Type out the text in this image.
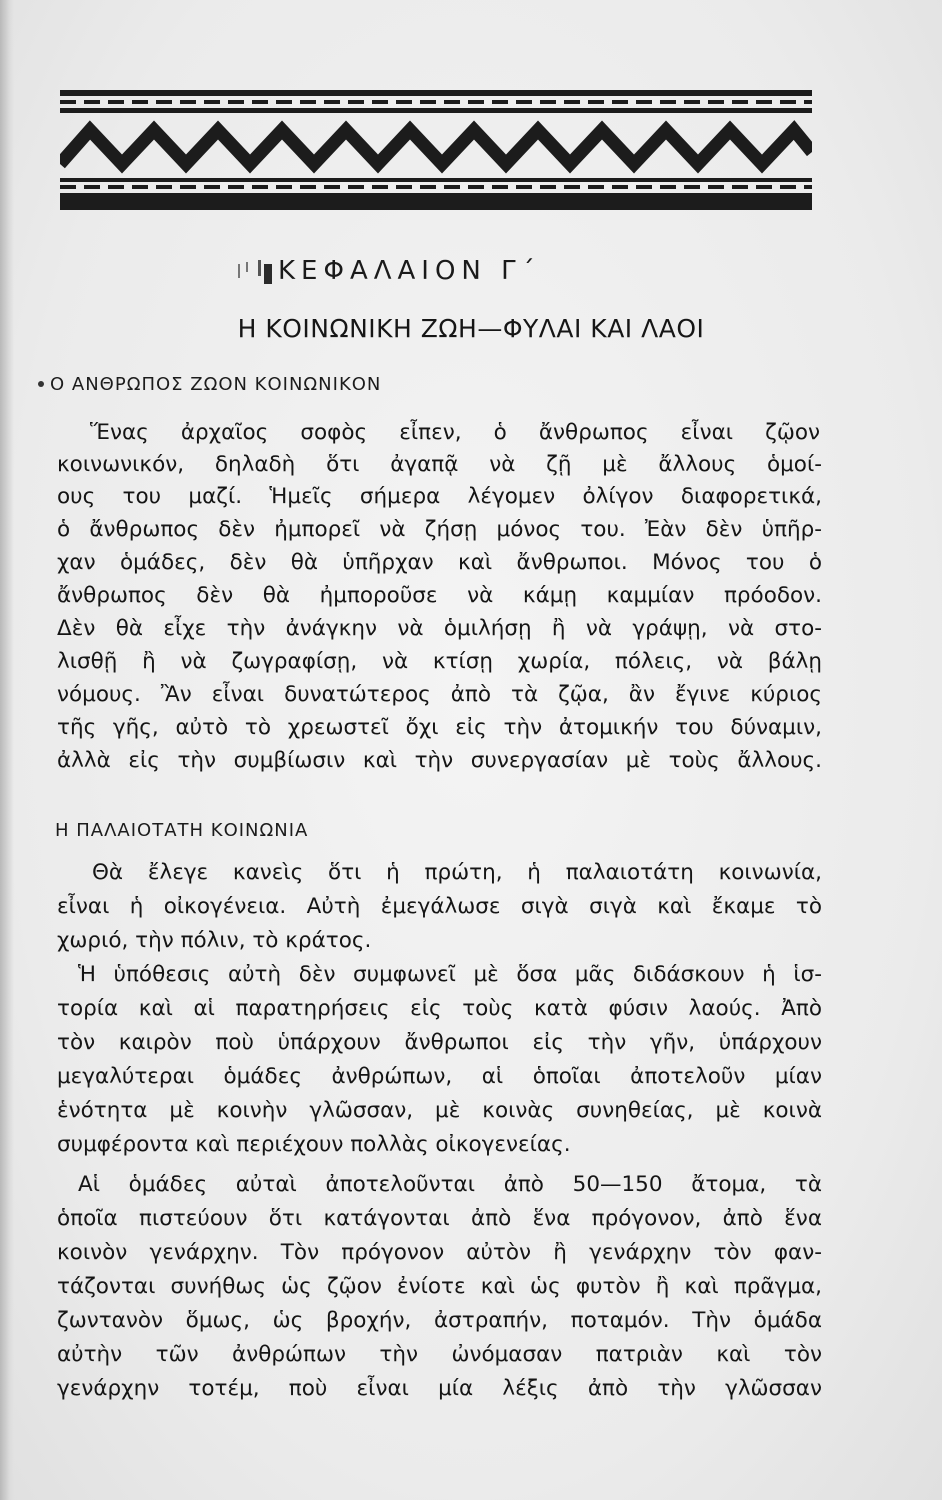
ΚΕΦΑΛΑΙΟΝ Γ΄
Η ΚΟΙΝΩΝΙΚΗ ΖΩΗ—ΦΥΛΑΙ ΚΑΙ ΛΑΟΙ
Ο ΑΝΘΡΩΠΟΣ ΖΩΟΝ ΚΟΙΝΩΝΙΚΟΝ
Ἕνας ἀρχαῖος σοφὸς εἶπεν, ὁ ἄνθρωπος εἶναι ζῷον
κοινωνικόν, δηλαδὴ ὅτι ἀγαπᾷ νὰ ζῇ μὲ ἄλλους ὁμοί-
ους του μαζί. Ἡμεῖς σήμερα λέγομεν ὀλίγον διαφορετικά,
ὁ ἄνθρωπος δὲν ἠμπορεῖ νὰ ζήσῃ μόνος του. Ἐὰν δὲν ὑπῆρ-
χαν ὁμάδες, δὲν θὰ ὑπῆρχαν καὶ ἄνθρωποι. Μόνος του ὁ
ἄνθρωπος δὲν θὰ ἠμποροῦσε νὰ κάμῃ καμμίαν πρόοδον.
Δὲν θὰ εἶχε τὴν ἀνάγκην νὰ ὁμιλήσῃ ἢ νὰ γράψῃ, νὰ στο-
λισθῇ ἢ νὰ ζωγραφίσῃ, νὰ κτίσῃ χωρία, πόλεις, νὰ βάλῃ
νόμους. Ἂν εἶναι δυνατώτερος ἀπὸ τὰ ζῷα, ἂν ἔγινε κύριος
τῆς γῆς, αὐτὸ τὸ χρεωστεῖ ὄχι εἰς τὴν ἀτομικήν του δύναμιν,
ἀλλὰ εἰς τὴν συμβίωσιν καὶ τὴν συνεργασίαν μὲ τοὺς ἄλλους.
Η ΠΑΛΑΙΟΤΑΤΗ ΚΟΙΝΩΝΙΑ
Θὰ ἔλεγε κανεὶς ὅτι ἡ πρώτη, ἡ παλαιοτάτη κοινωνία,
εἶναι ἡ οἰκογένεια. Αὐτὴ ἐμεγάλωσε σιγὰ σιγὰ καὶ ἔκαμε τὸ
χωριό, τὴν πόλιν, τὸ κράτος.
Ἡ ὑπόθεσις αὐτὴ δὲν συμφωνεῖ μὲ ὅσα μᾶς διδάσκουν ἡ ἱσ-
τορία καὶ αἱ παρατηρήσεις εἰς τοὺς κατὰ φύσιν λαούς. Ἀπὸ
τὸν καιρὸν ποὺ ὑπάρχουν ἄνθρωποι εἰς τὴν γῆν, ὑπάρχουν
μεγαλύτεραι ὁμάδες ἀνθρώπων, αἱ ὁποῖαι ἀποτελοῦν μίαν
ἑνότητα μὲ κοινὴν γλῶσσαν, μὲ κοινὰς συνηθείας, μὲ κοινὰ
συμφέροντα καὶ περιέχουν πολλὰς οἰκογενείας.
Αἱ ὁμάδες αὐταὶ ἀποτελοῦνται ἀπὸ 50—150 ἄτομα, τὰ
ὁποῖα πιστεύουν ὅτι κατάγονται ἀπὸ ἕνα πρόγονον, ἀπὸ ἕνα
κοινὸν γενάρχην. Τὸν πρόγονον αὐτὸν ἢ γενάρχην τὸν φαν-
τάζονται συνήθως ὡς ζῷον ἐνίοτε καὶ ὡς φυτὸν ἢ καὶ πρᾶγμα,
ζωντανὸν ὅμως, ὡς βροχήν, ἀστραπήν, ποταμόν. Τὴν ὁμάδα
αὐτὴν τῶν ἀνθρώπων τὴν ὠνόμασαν πατριὰν καὶ τὸν
γενάρχην τοτέμ, ποὺ εἶναι μία λέξις ἀπὸ τὴν γλῶσσαν
